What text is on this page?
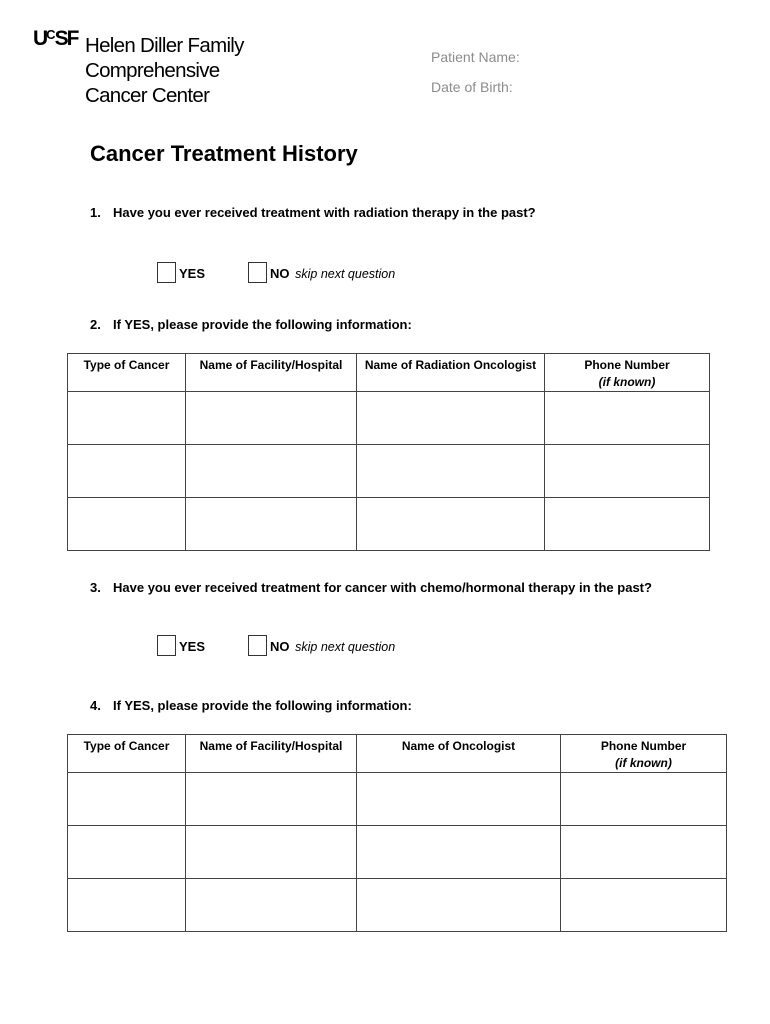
$U^CSF$ Helen Diller Family
Comprehensive
Cancer Center
Patient Name:
Date of Birth:
Cancer Treatment History
1. Have you ever received treatment with radiation therapy in the past?
YES	NO skip next question
2. If YES, please provide the following information:
Type of Cancer	Name of Facility/Hospital	Name of Radiation Oncologist	Phone Number
(if known)

3. Have you ever received treatment for cancer with chemo/hormonal therapy in the past?
YES	NO skip next question
4. If YES, please provide the following information:
Type of Cancer	Name of Facility/Hospital	Name of Oncologist	Phone Number
(if known)
